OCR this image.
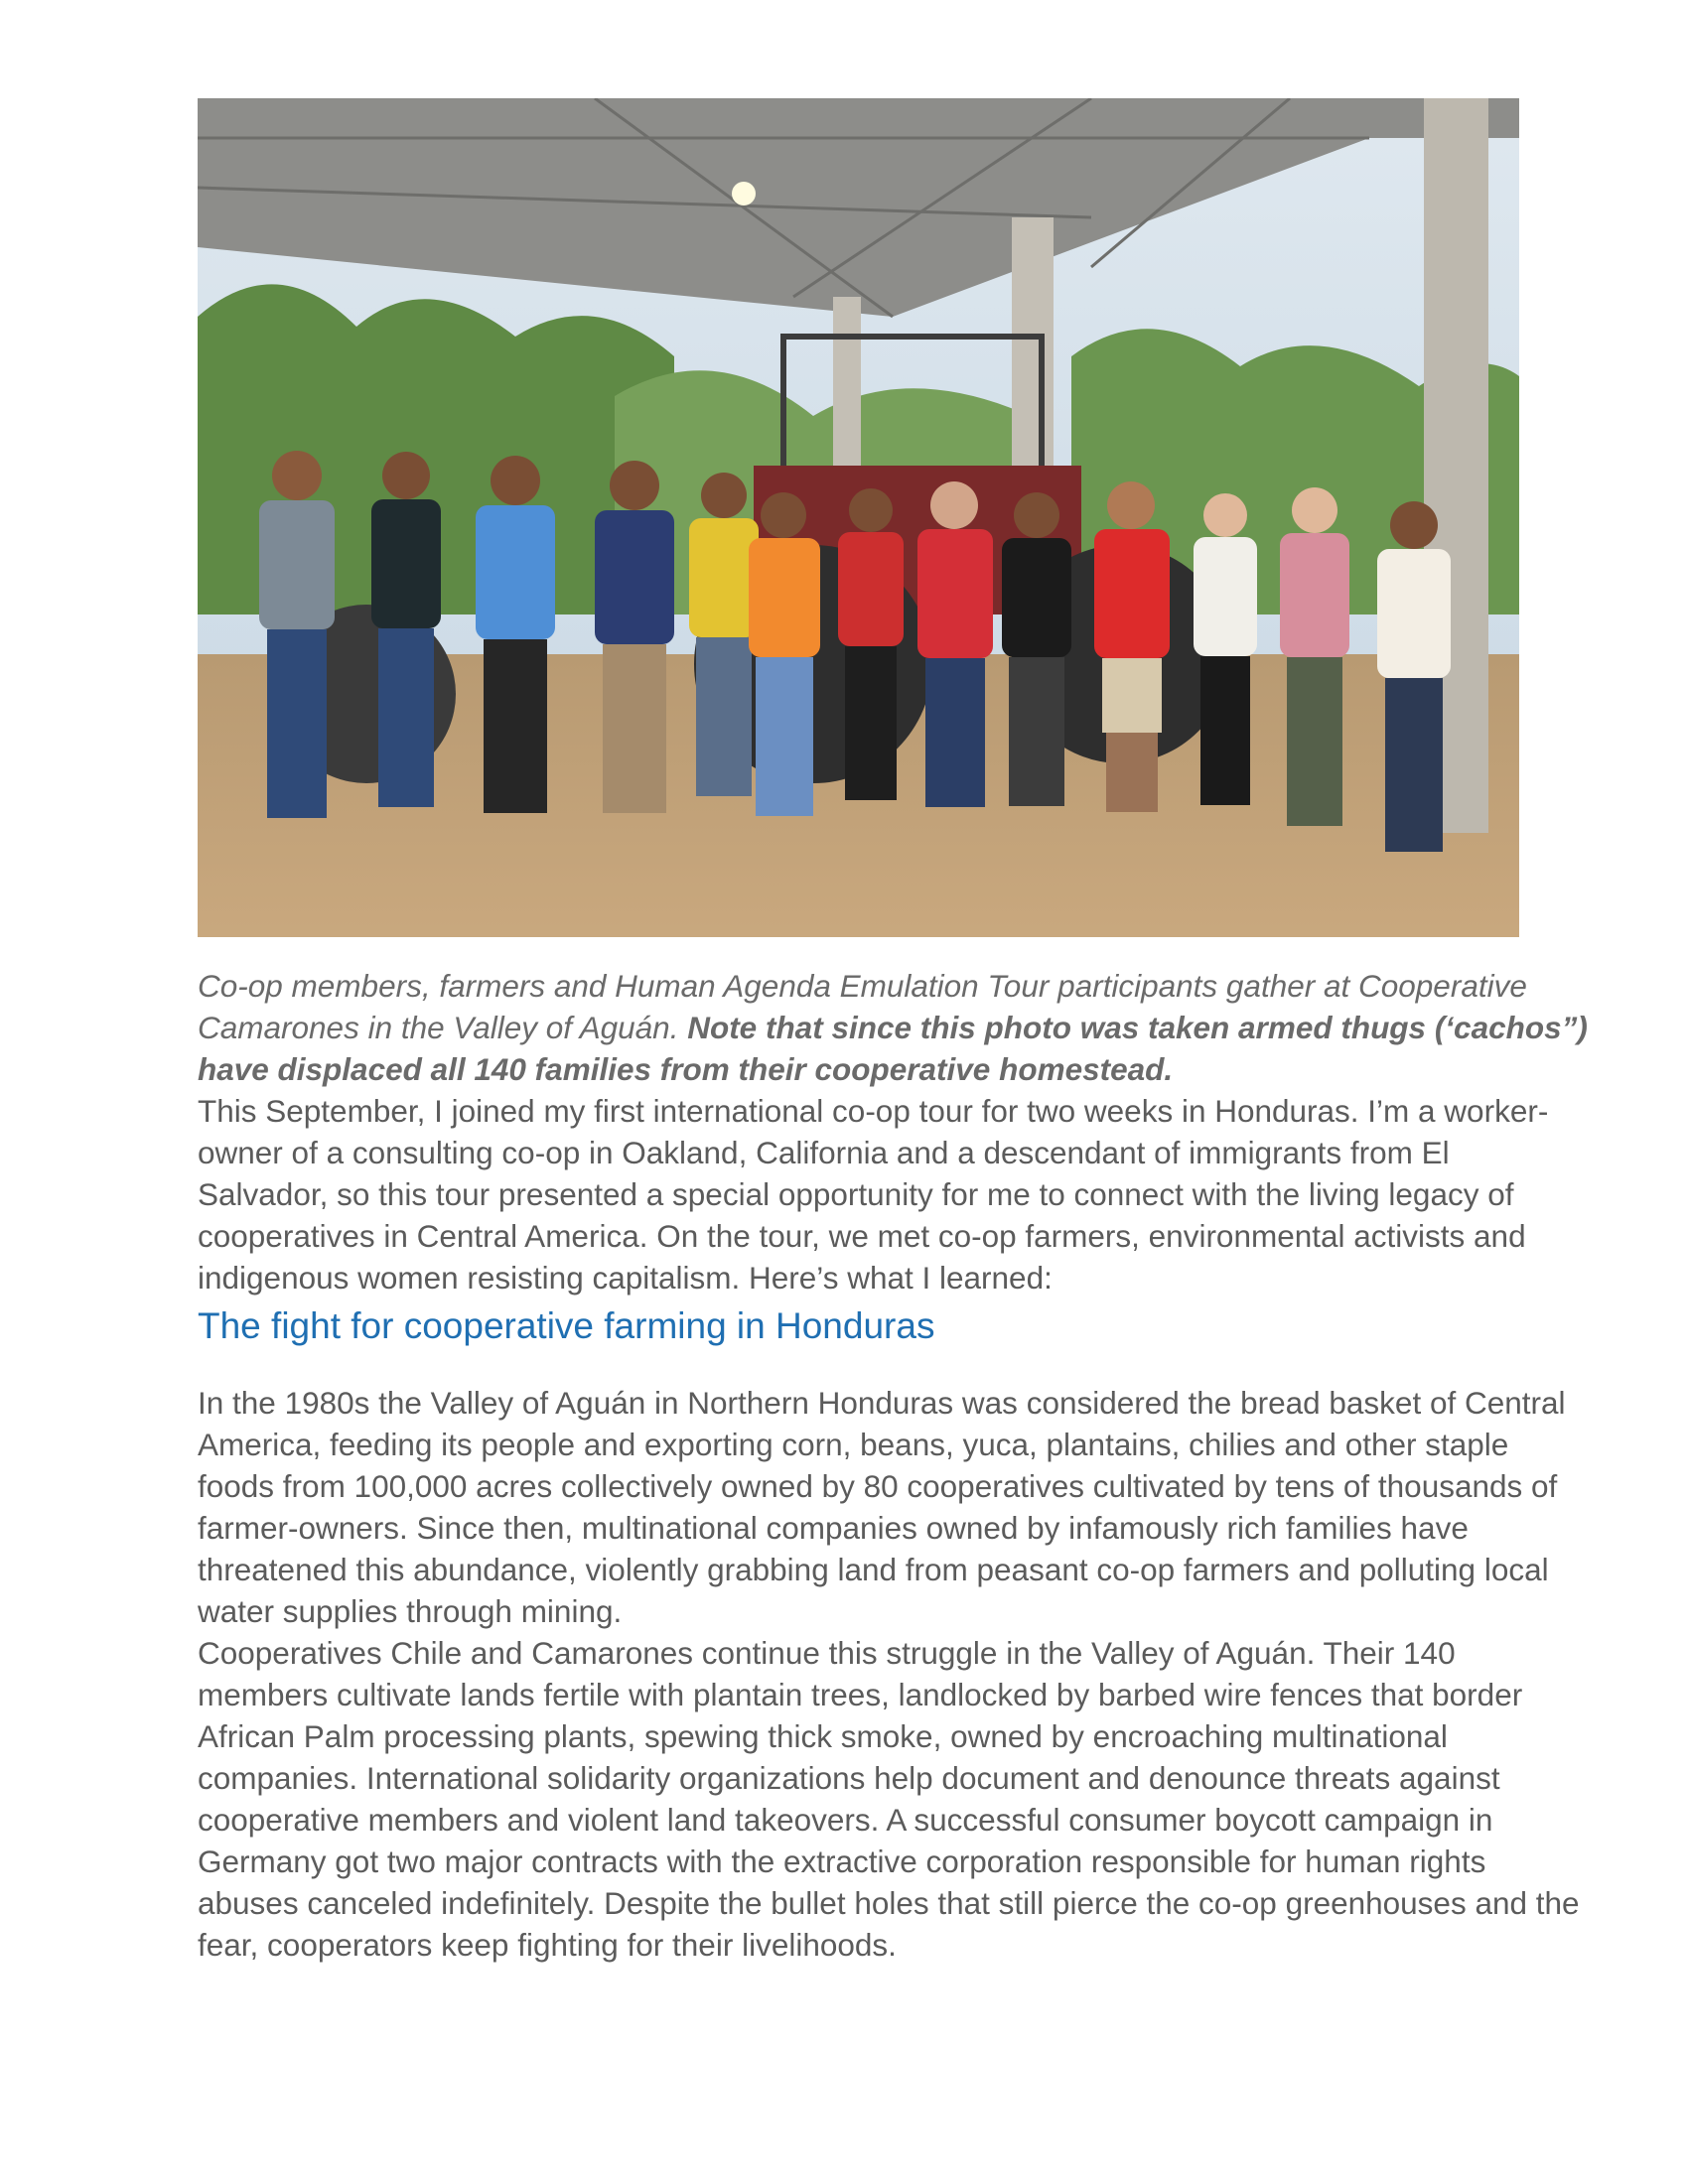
Co-op members, farmers and Human Agenda Emulation Tour participants gather at Cooperative Camarones in the Valley of Aguán. Note that since this photo was taken armed thugs (‘cachos”) have displaced all 140 families from their cooperative homestead.

This September, I joined my first international co-op tour for two weeks in Honduras. I’m a worker-owner of a consulting co-op in Oakland, California and a descendant of immigrants from El Salvador, so this tour presented a special opportunity for me to connect with the living legacy of cooperatives in Central America. On the tour, we met co-op farmers, environmental activists and indigenous women resisting capitalism. Here’s what I learned:

The fight for cooperative farming in Honduras

In the 1980s the Valley of Aguán in Northern Honduras was considered the bread basket of Central America, feeding its people and exporting corn, beans, yuca, plantains, chilies and other staple foods from 100,000 acres collectively owned by 80 cooperatives cultivated by tens of thousands of farmer-owners. Since then, multinational companies owned by infamously rich families have threatened this abundance, violently grabbing land from peasant co-op farmers and polluting local water supplies through mining.

Cooperatives Chile and Camarones continue this struggle in the Valley of Aguán. Their 140 members cultivate lands fertile with plantain trees, landlocked by barbed wire fences that border African Palm processing plants, spewing thick smoke, owned by encroaching multinational companies. International solidarity organizations help document and denounce threats against cooperative members and violent land takeovers. A successful consumer boycott campaign in Germany got two major contracts with the extractive corporation responsible for human rights abuses canceled indefinitely. Despite the bullet holes that still pierce the co-op greenhouses and the fear, cooperators keep fighting for their livelihoods.
